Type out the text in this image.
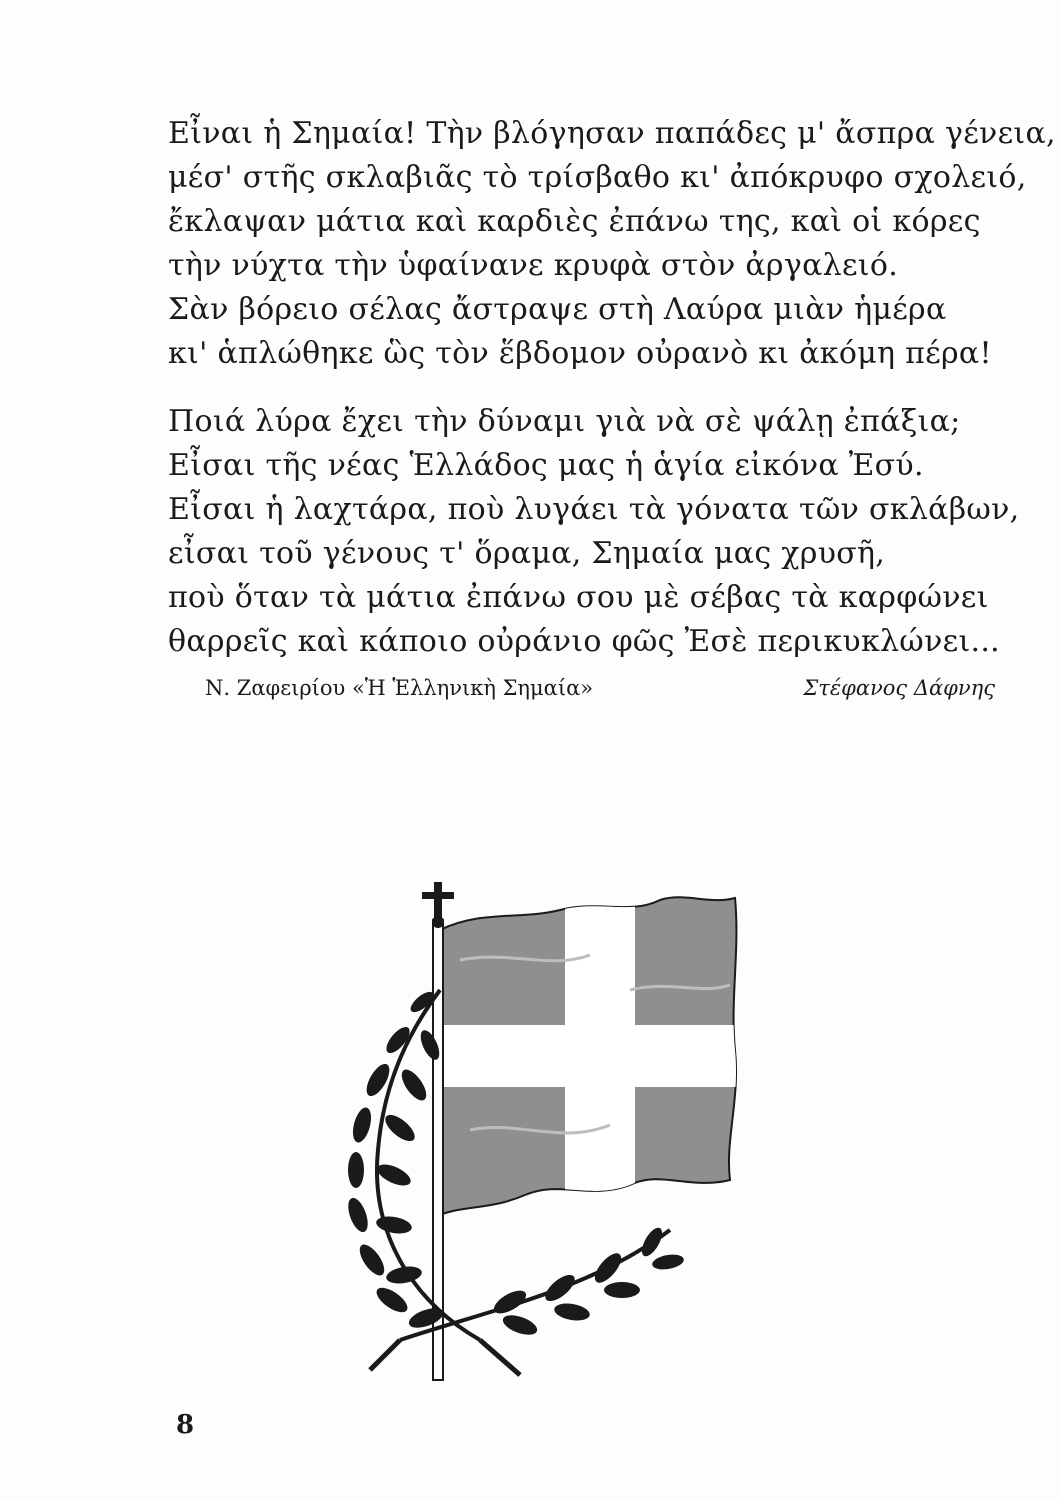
Εἶναι ἡ Σημαία! Τὴν βλόγησαν παπάδες μ' ἄσπρα γένεια,
μέσ' στῆς σκλαβιᾶς τὸ τρίσβαθο κι' ἀπόκρυφο σχολειό,
ἔκλαψαν μάτια καὶ καρδιὲς ἐπάνω της, καὶ οἱ κόρες
τὴν νύχτα τὴν ὑφαίνανε κρυφὰ στὸν ἀργαλειό.
Σὰν βόρειο σέλας ἄστραψε στὴ Λαύρα μιὰν ἡμέρα
κι' ἁπλώθηκε ὣς τὸν ἕβδομον οὐρανὸ κι ἀκόμη πέρα!
Ποιά λύρα ἔχει τὴν δύναμι γιὰ νὰ σὲ ψάλῃ ἐπάξια;
Εἶσαι τῆς νέας Ἑλλάδος μας ἡ ἁγία εἰκόνα Ἐσύ.
Εἶσαι ἡ λαχτάρα, ποὺ λυγάει τὰ γόνατα τῶν σκλάβων,
εἶσαι τοῦ γένους τ' ὅραμα, Σημαία μας χρυσῆ,
ποὺ ὅταν τὰ μάτια ἐπάνω σου μὲ σέβας τὰ καρφώνει
θαρρεῖς καὶ κάποιο οὐράνιο φῶς Ἐσὲ περικυκλώνει...
Ν. Ζαφειρίου «Ἡ Ἑλληνικὴ Σημαία»	Στέφανος Δάφνης
8
